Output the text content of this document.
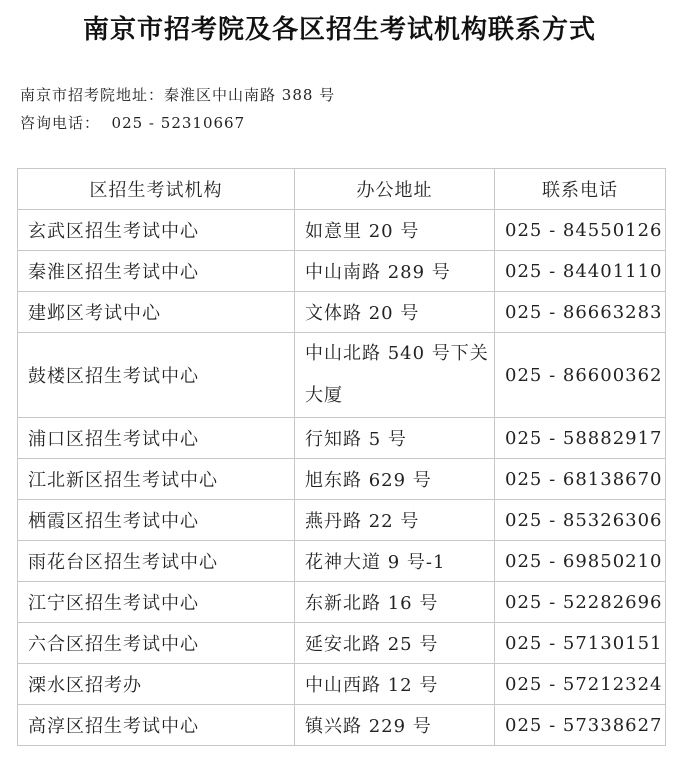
南京市招考院及各区招生考试机构联系方式
南京市招考院地址：秦淮区中山南路 388 号
咨询电话：  025 - 52310667
区招生考试机构	办公地址	联系电话
玄武区招生考试中心	如意里 20 号	025 - 84550126
秦淮区招生考试中心	中山南路 289 号	025 - 84401110
建邺区考试中心	文体路 20 号	025 - 86663283
鼓楼区招生考试中心	中山北路 540 号下关大厦	025 - 86600362
浦口区招生考试中心	行知路 5 号	025 - 58882917
江北新区招生考试中心	旭东路 629 号	025 - 68138670
栖霞区招生考试中心	燕丹路 22 号	025 - 85326306
雨花台区招生考试中心	花神大道 9 号-1	025 - 69850210
江宁区招生考试中心	东新北路 16 号	025 - 52282696
六合区招生考试中心	延安北路 25 号	025 - 57130151
溧水区招考办	中山西路 12 号	025 - 57212324
高淳区招生考试中心	镇兴路 229 号	025 - 57338627
